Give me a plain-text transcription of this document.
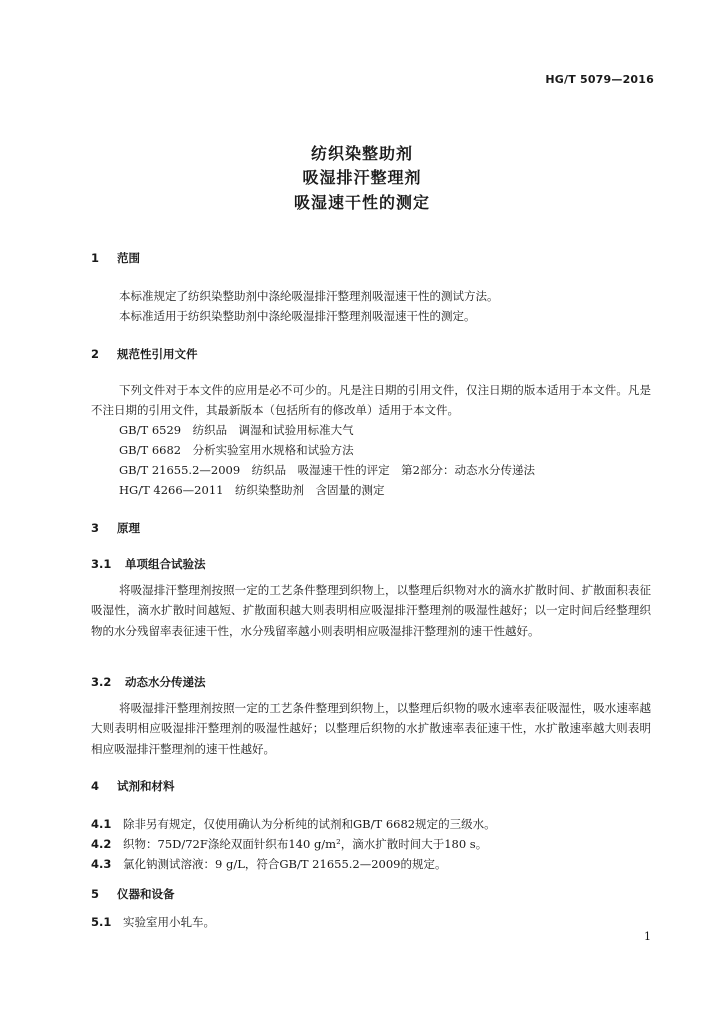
HG/T 5079—2016
纺织染整助剂
吸湿排汗整理剂
吸湿速干性的测定
1 范围
本标准规定了纺织染整助剂中涤纶吸湿排汗整理剂吸湿速干性的测试方法。
本标准适用于纺织染整助剂中涤纶吸湿排汗整理剂吸湿速干性的测定。
2 规范性引用文件
下列文件对于本文件的应用是必不可少的。凡是注日期的引用文件，仅注日期的版本适用于本文件。凡是不注日期的引用文件，其最新版本（包括所有的修改单）适用于本文件。
GB/T 6529　纺织品　调湿和试验用标准大气
GB/T 6682　分析实验室用水规格和试验方法
GB/T 21655.2—2009　纺织品　吸湿速干性的评定　第2部分：动态水分传递法
HG/T 4266—2011　纺织染整助剂　含固量的测定
3 原理
3.1 单项组合试验法
将吸湿排汗整理剂按照一定的工艺条件整理到织物上，以整理后织物对水的滴水扩散时间、扩散面积表征吸湿性，滴水扩散时间越短、扩散面积越大则表明相应吸湿排汗整理剂的吸湿性越好；以一定时间后经整理织物的水分残留率表征速干性，水分残留率越小则表明相应吸湿排汗整理剂的速干性越好。
3.2 动态水分传递法
将吸湿排汗整理剂按照一定的工艺条件整理到织物上，以整理后织物的吸水速率表征吸湿性，吸水速率越大则表明相应吸湿排汗整理剂的吸湿性越好；以整理后织物的水扩散速率表征速干性，水扩散速率越大则表明相应吸湿排汗整理剂的速干性越好。
4 试剂和材料
4.1 除非另有规定，仅使用确认为分析纯的试剂和GB/T 6682规定的三级水。
4.2 织物：75D/72F涤纶双面针织布140 g/m²，滴水扩散时间大于180 s。
4.3 氯化钠测试溶液：9 g/L，符合GB/T 21655.2—2009的规定。
5 仪器和设备
5.1 实验室用小轧车。
1
